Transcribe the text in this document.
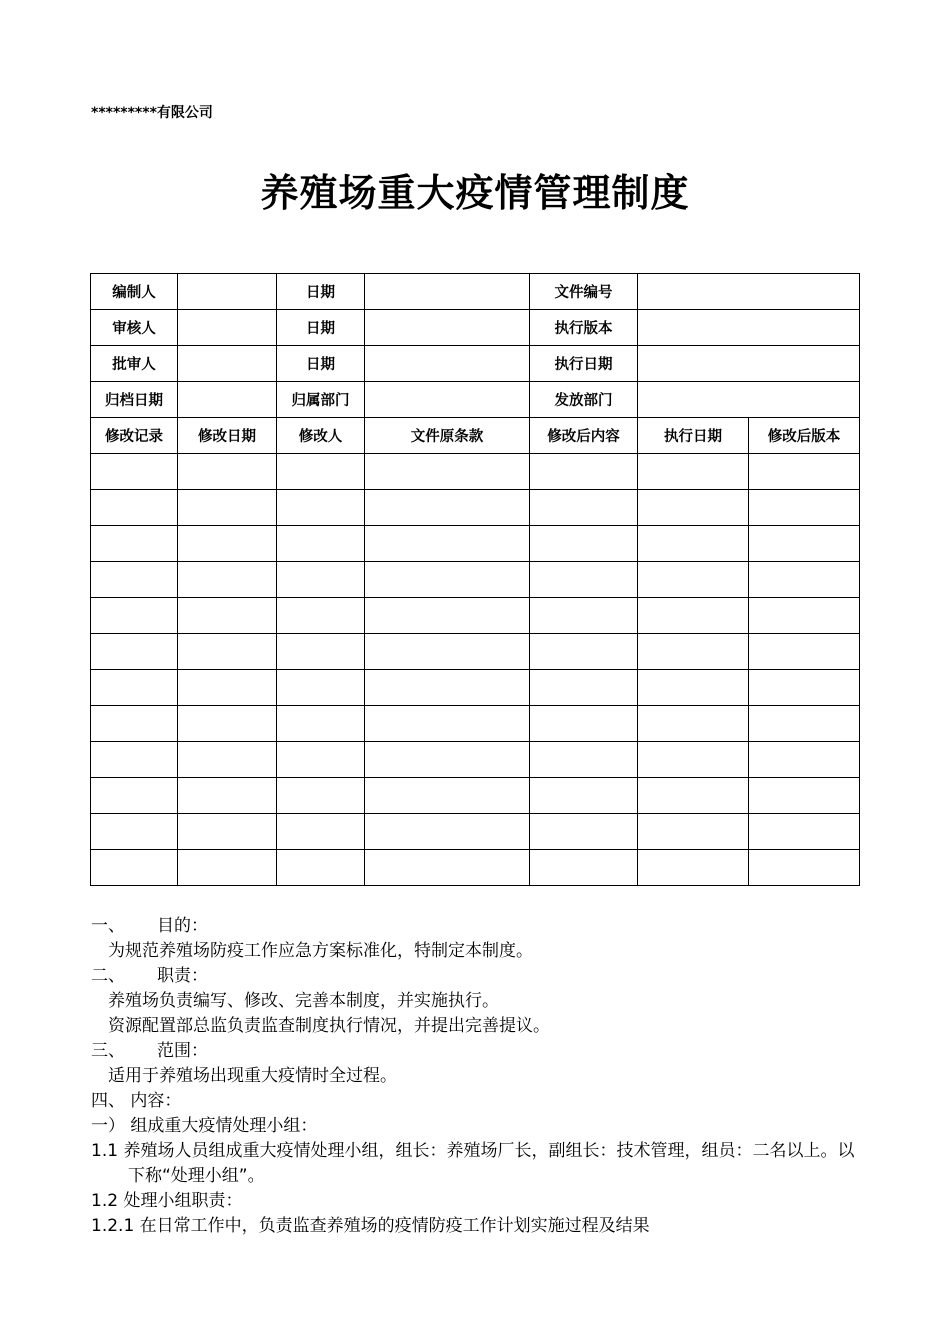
*********有限公司
养殖场重大疫情管理制度
编制人		日期		文件编号		
审核人		日期		执行版本		
批审人		日期		执行日期		
归档日期		归属部门		发放部门		
修改记录	修改日期	修改人	文件原条款	修改后内容	执行日期	修改后版本

一、 目的：

为规范养殖场防疫工作应急方案标准化，特制定本制度。

二、 职责：

养殖场负责编写、修改、完善本制度，并实施执行。

资源配置部总监负责监查制度执行情况，并提出完善提议。

三、 范围：

适用于养殖场出现重大疫情时全过程。

四、 内容：

一） 组成重大疫情处理小组：

1.1 养殖场人员组成重大疫情处理小组，组长：养殖场厂长，副组长：技术管理，组员：二名以上。以下称“处理小组”。

1.2 处理小组职责：

1.2.1 在日常工作中，负责监查养殖场的疫情防疫工作计划实施过程及结果
